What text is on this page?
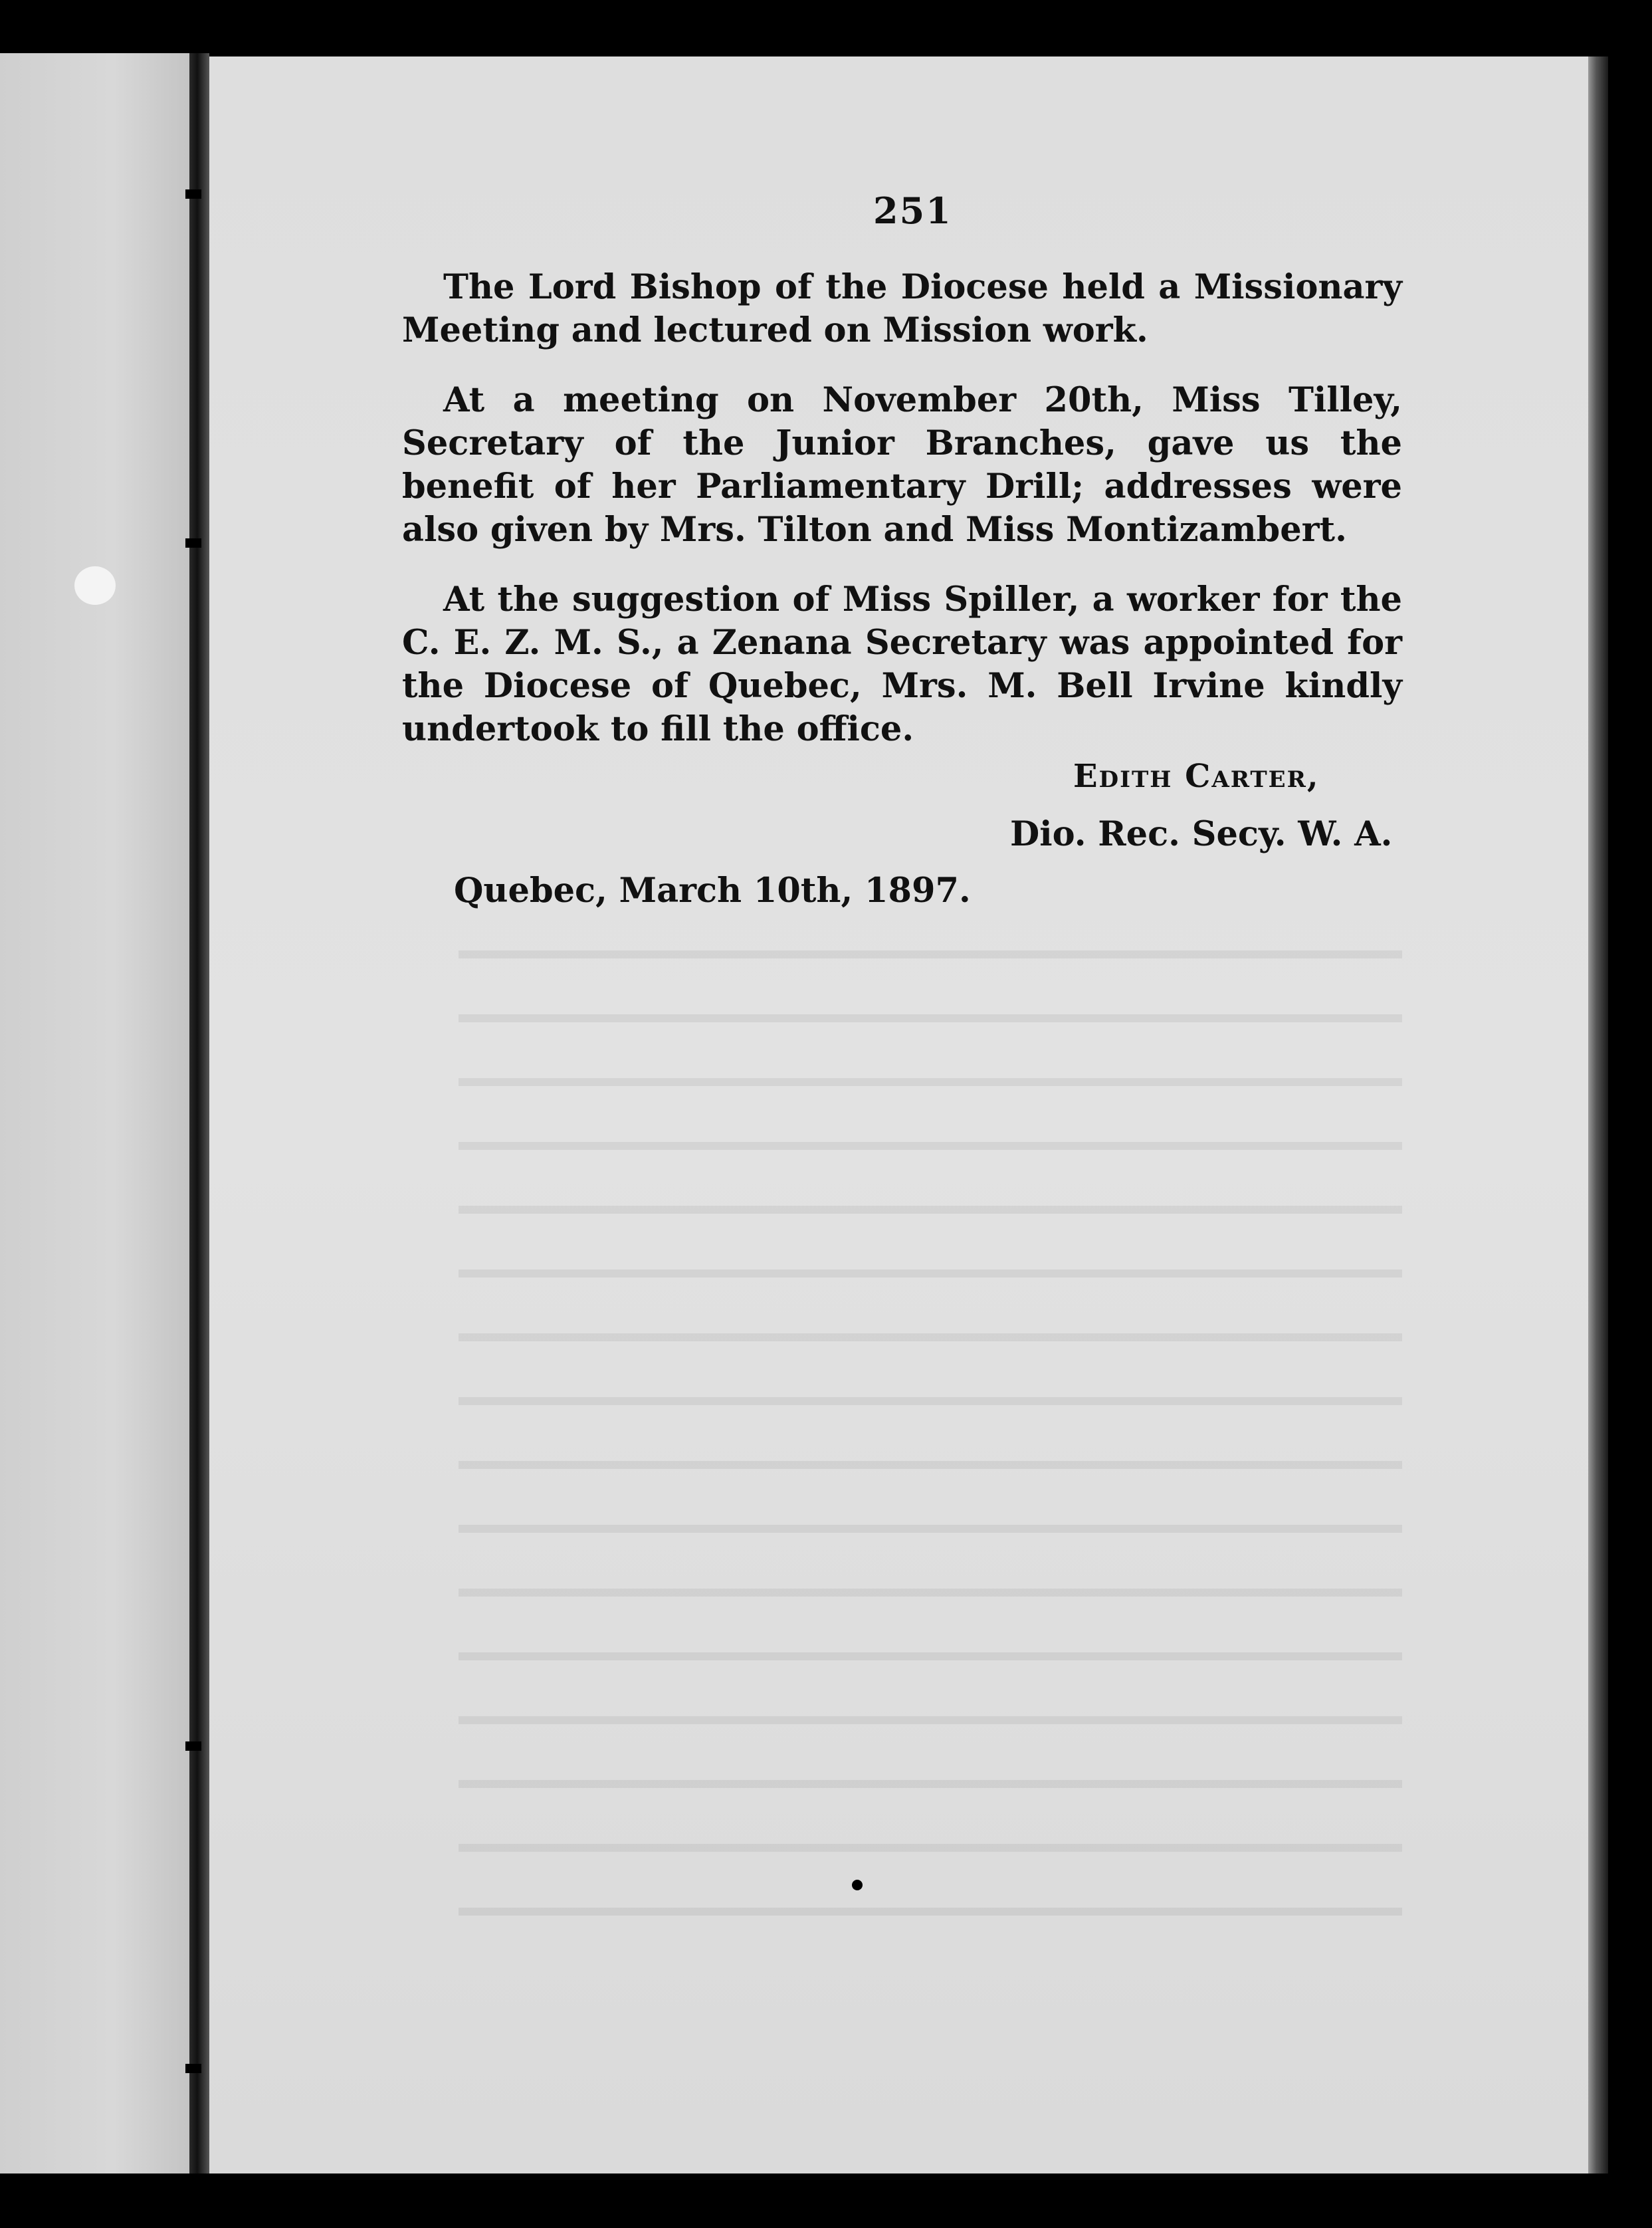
251

The Lord Bishop of the Diocese held a Missionary Meeting and lectured on Mission work.

At a meeting on November 20th, Miss Tilley, Secretary of the Junior Branches, gave us the benefit of her Parliamentary Drill; addresses were also given by Mrs. Tilton and Miss Montizambert.

At the suggestion of Miss Spiller, a worker for the C. E. Z. M. S., a Zenana Secretary was appointed for the Diocese of Quebec, Mrs. M. Bell Irvine kindly undertook to fill the office.

Edith Carter,
Dio. Rec. Secy. W. A.
Quebec, March 10th, 1897.
